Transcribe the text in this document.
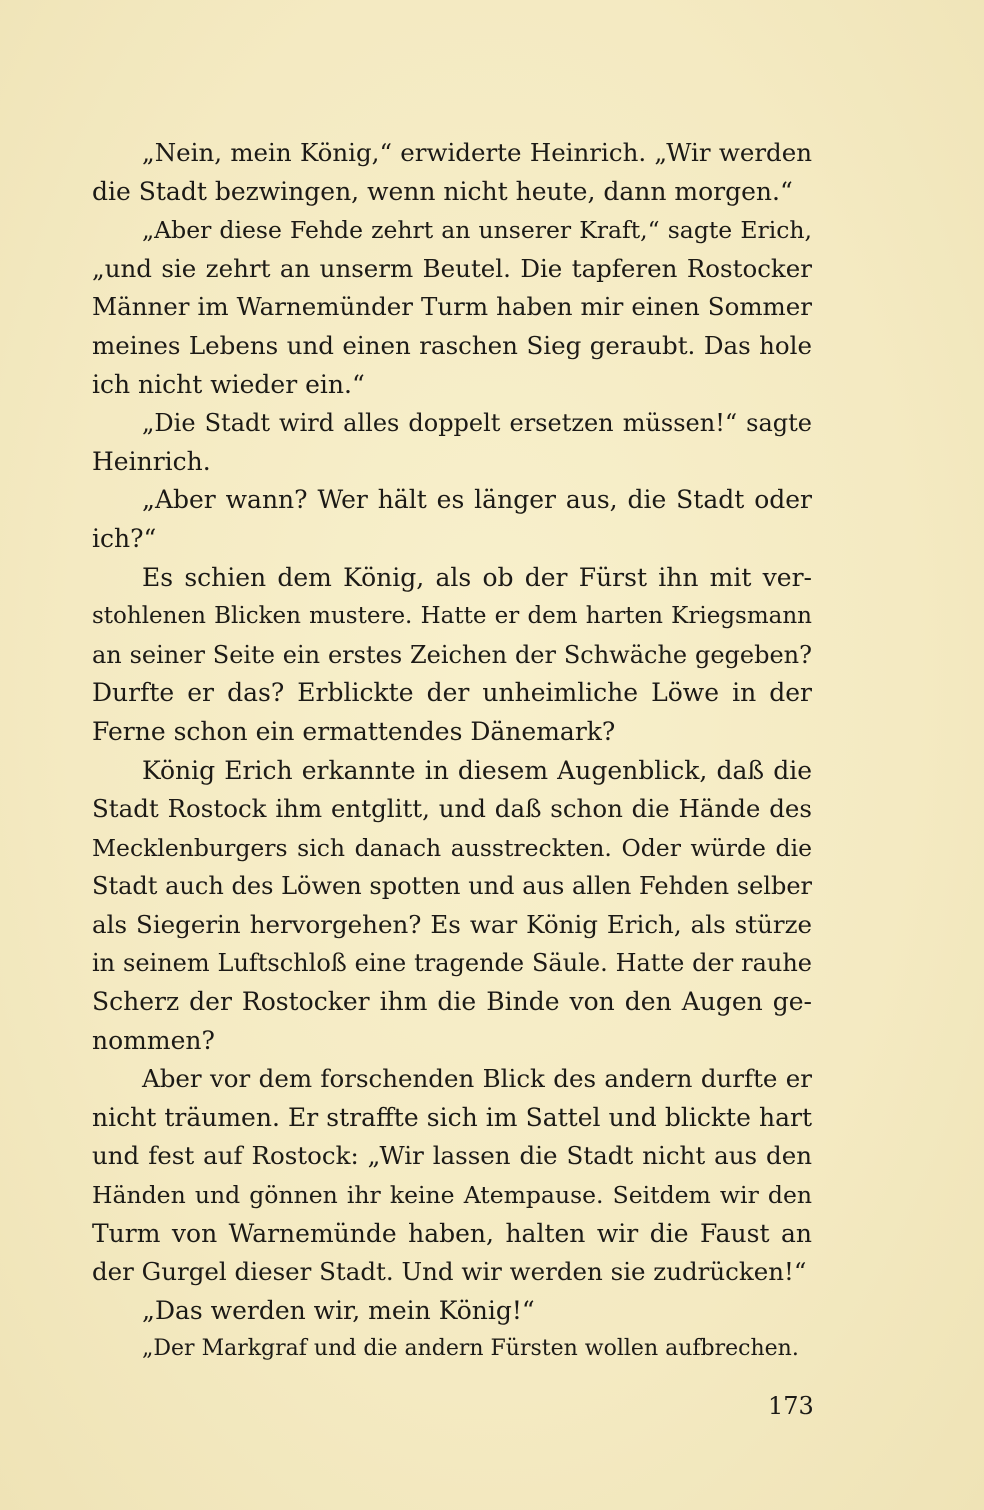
„Nein, mein König,“ erwiderte Heinrich. „Wir werden
die Stadt bezwingen, wenn nicht heute, dann morgen.“
„Aber diese Fehde zehrt an unserer Kraft,“ sagte Erich,
„und sie zehrt an unserm Beutel. Die tapferen Rostocker
Männer im Warnemünder Turm haben mir einen Sommer
meines Lebens und einen raschen Sieg geraubt. Das hole
ich nicht wieder ein.“
„Die Stadt wird alles doppelt ersetzen müssen!“ sagte
Heinrich.
„Aber wann? Wer hält es länger aus, die Stadt oder
ich?“
Es schien dem König, als ob der Fürst ihn mit ver-
stohlenen Blicken mustere. Hatte er dem harten Kriegsmann
an seiner Seite ein erstes Zeichen der Schwäche gegeben?
Durfte er das? Erblickte der unheimliche Löwe in der
Ferne schon ein ermattendes Dänemark?
König Erich erkannte in diesem Augenblick, daß die
Stadt Rostock ihm entglitt, und daß schon die Hände des
Mecklenburgers sich danach ausstreckten. Oder würde die
Stadt auch des Löwen spotten und aus allen Fehden selber
als Siegerin hervorgehen? Es war König Erich, als stürze
in seinem Luftschloß eine tragende Säule. Hatte der rauhe
Scherz der Rostocker ihm die Binde von den Augen ge-
nommen?
Aber vor dem forschenden Blick des andern durfte er
nicht träumen. Er straffte sich im Sattel und blickte hart
und fest auf Rostock: „Wir lassen die Stadt nicht aus den
Händen und gönnen ihr keine Atempause. Seitdem wir den
Turm von Warnemünde haben, halten wir die Faust an
der Gurgel dieser Stadt. Und wir werden sie zudrücken!“
„Das werden wir, mein König!“
„Der Markgraf und die andern Fürsten wollen aufbrechen.
173
